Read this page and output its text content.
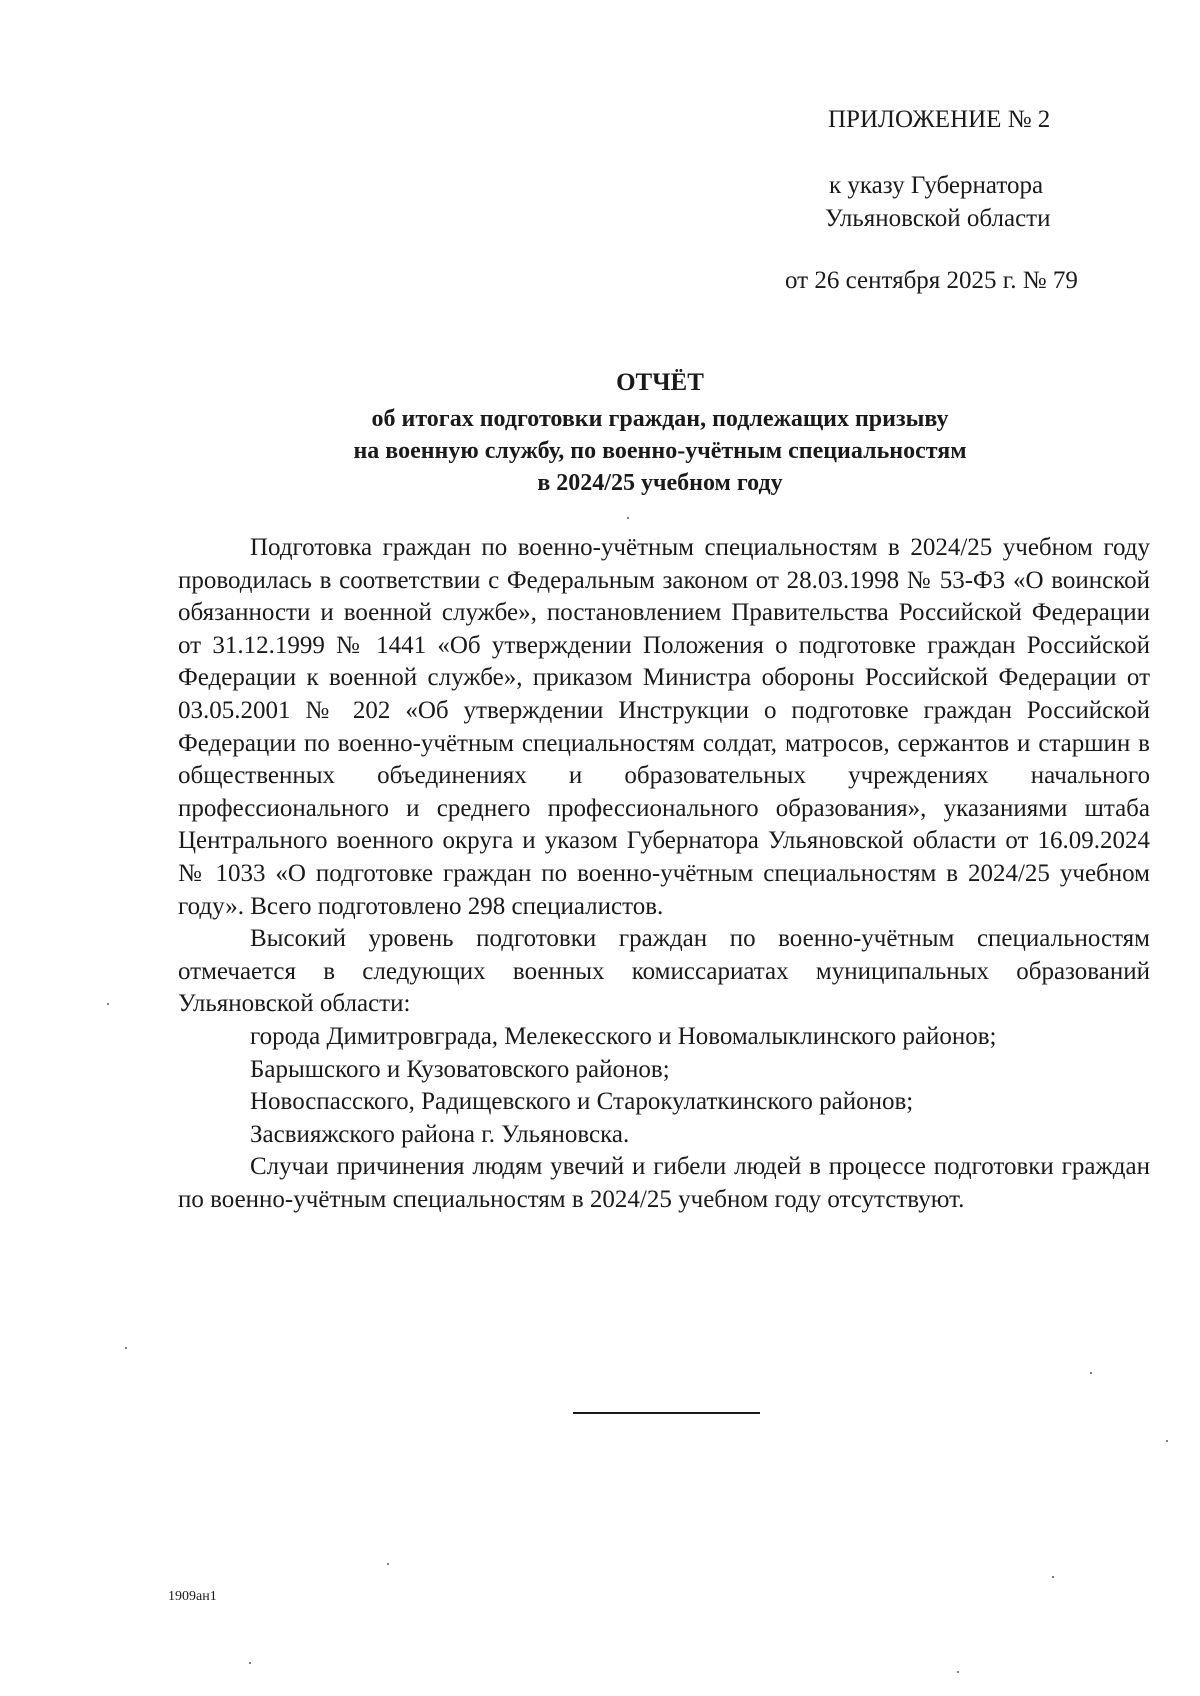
ПРИЛОЖЕНИЕ № 2
к указу Губернатора
Ульяновской области
от 26 сентября 2025 г. № 79
ОТЧЁТ
об итогах подготовки граждан, подлежащих призыву
на военную службу, по военно-учётным специальностям
в 2024/25 учебном году

Подготовка граждан по военно-учётным специальностям в 2024/25 учебном году проводилась в соответствии с Федеральным законом от 28.03.1998 № 53-ФЗ «О воинской обязанности и военной службе», постановлением Правительства Российской Федерации от 31.12.1999 № 1441 «Об утверждении Положения о подготовке граждан Российской Федерации к военной службе», приказом Министра обороны Российской Федерации от 03.05.2001 № 202 «Об утверждении Инструкции о подготовке граждан Российской Федерации по военно-учётным специальностям солдат, матросов, сержантов и старшин в общественных объединениях и образовательных учреждениях начального профессионального и среднего профессионального образования», указаниями штаба Центрального военного округа и указом Губернатора Ульяновской области от 16.09.2024 № 1033 «О подготовке граждан по военно-учётным специальностям в 2024/25 учебном году». Всего подготовлено 298 специалистов.

Высокий уровень подготовки граждан по военно-учётным специальностям отмечается в следующих военных комиссариатах муниципальных образований Ульяновской области:

города Димитровграда, Мелекесского и Новомалыклинского районов;
Барышского и Кузоватовского районов;
Новоспасского, Радищевского и Старокулаткинского районов;
Засвияжского района г. Ульяновска.

Случаи причинения людям увечий и гибели людей в процессе подготовки граждан по военно-учётным специальностям в 2024/25 учебном году отсутствуют.

1909ан1
